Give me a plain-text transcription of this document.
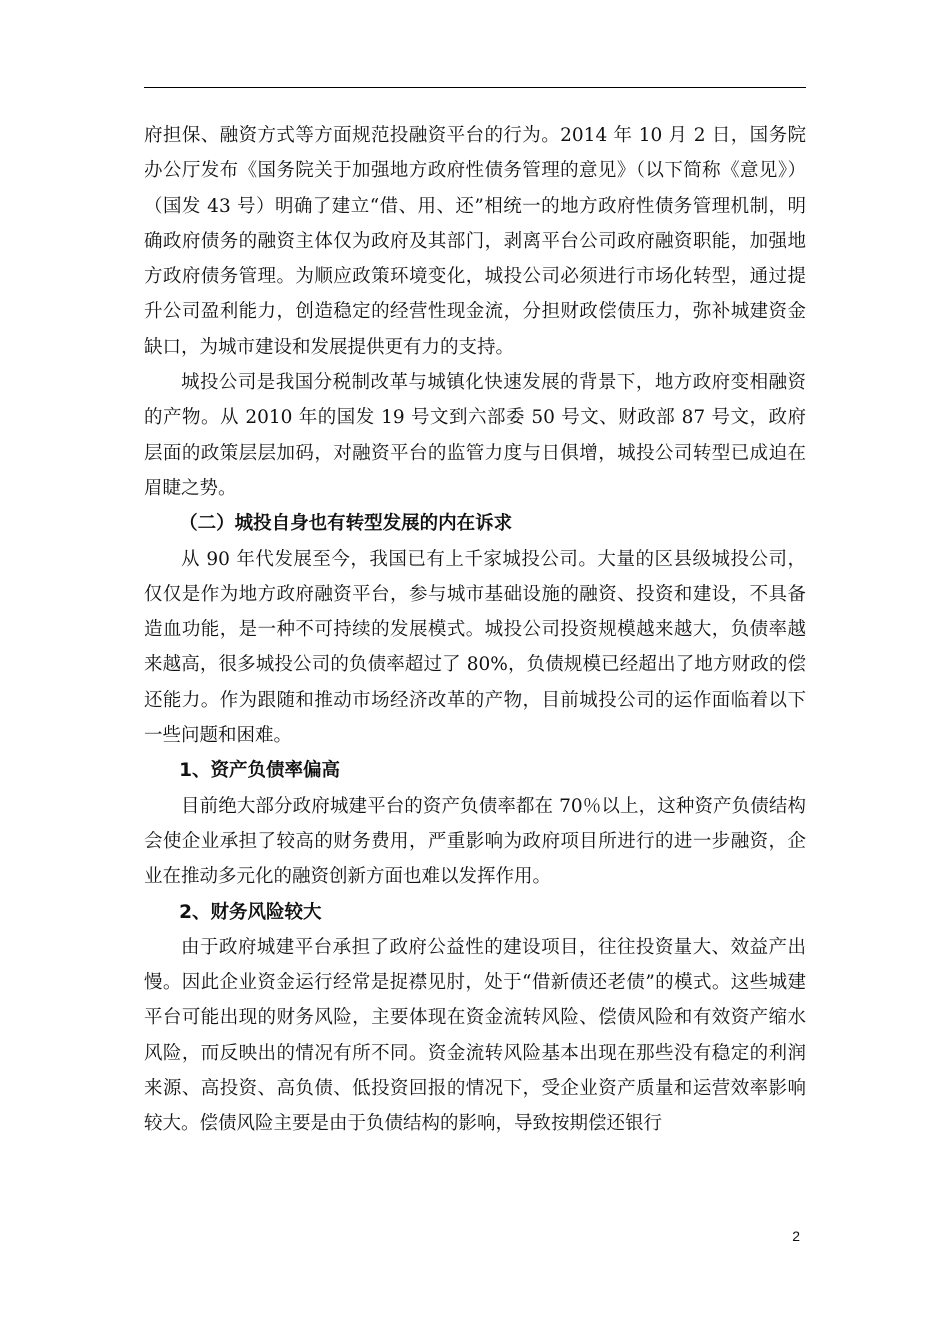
府担保、融资方式等方面规范投融资平台的行为。2014 年 10 月 2 日，国务院办公厅发布《国务院关于加强地方政府性债务管理的意见》（以下简称《意见》）（国发 43 号）明确了建立“借、用、还”相统一的地方政府性债务管理机制，明确政府债务的融资主体仅为政府及其部门，剥离平台公司政府融资职能，加强地方政府债务管理。为顺应政策环境变化，城投公司必须进行市场化转型，通过提升公司盈利能力，创造稳定的经营性现金流，分担财政偿债压力，弥补城建资金缺口，为城市建设和发展提供更有力的支持。

城投公司是我国分税制改革与城镇化快速发展的背景下，地方政府变相融资的产物。从 2010 年的国发 19 号文到六部委 50 号文、财政部 87 号文，政府层面的政策层层加码，对融资平台的监管力度与日俱增，城投公司转型已成迫在眉睫之势。

（二）城投自身也有转型发展的内在诉求

从 90 年代发展至今，我国已有上千家城投公司。大量的区县级城投公司，仅仅是作为地方政府融资平台，参与城市基础设施的融资、投资和建设，不具备造血功能，是一种不可持续的发展模式。城投公司投资规模越来越大，负债率越来越高，很多城投公司的负债率超过了 80%，负债规模已经超出了地方财政的偿还能力。作为跟随和推动市场经济改革的产物，目前城投公司的运作面临着以下一些问题和困难。

1、资产负债率偏高

目前绝大部分政府城建平台的资产负债率都在 70％以上，这种资产负债结构会使企业承担了较高的财务费用，严重影响为政府项目所进行的进一步融资，企业在推动多元化的融资创新方面也难以发挥作用。

2、财务风险较大

由于政府城建平台承担了政府公益性的建设项目，往往投资量大、效益产出慢。因此企业资金运行经常是捉襟见肘，处于“借新债还老债”的模式。这些城建平台可能出现的财务风险，主要体现在资金流转风险、偿债风险和有效资产缩水风险，而反映出的情况有所不同。资金流转风险基本出现在那些没有稳定的利润来源、高投资、高负债、低投资回报的情况下，受企业资产质量和运营效率影响较大。偿债风险主要是由于负债结构的影响，导致按期偿还银行

2
